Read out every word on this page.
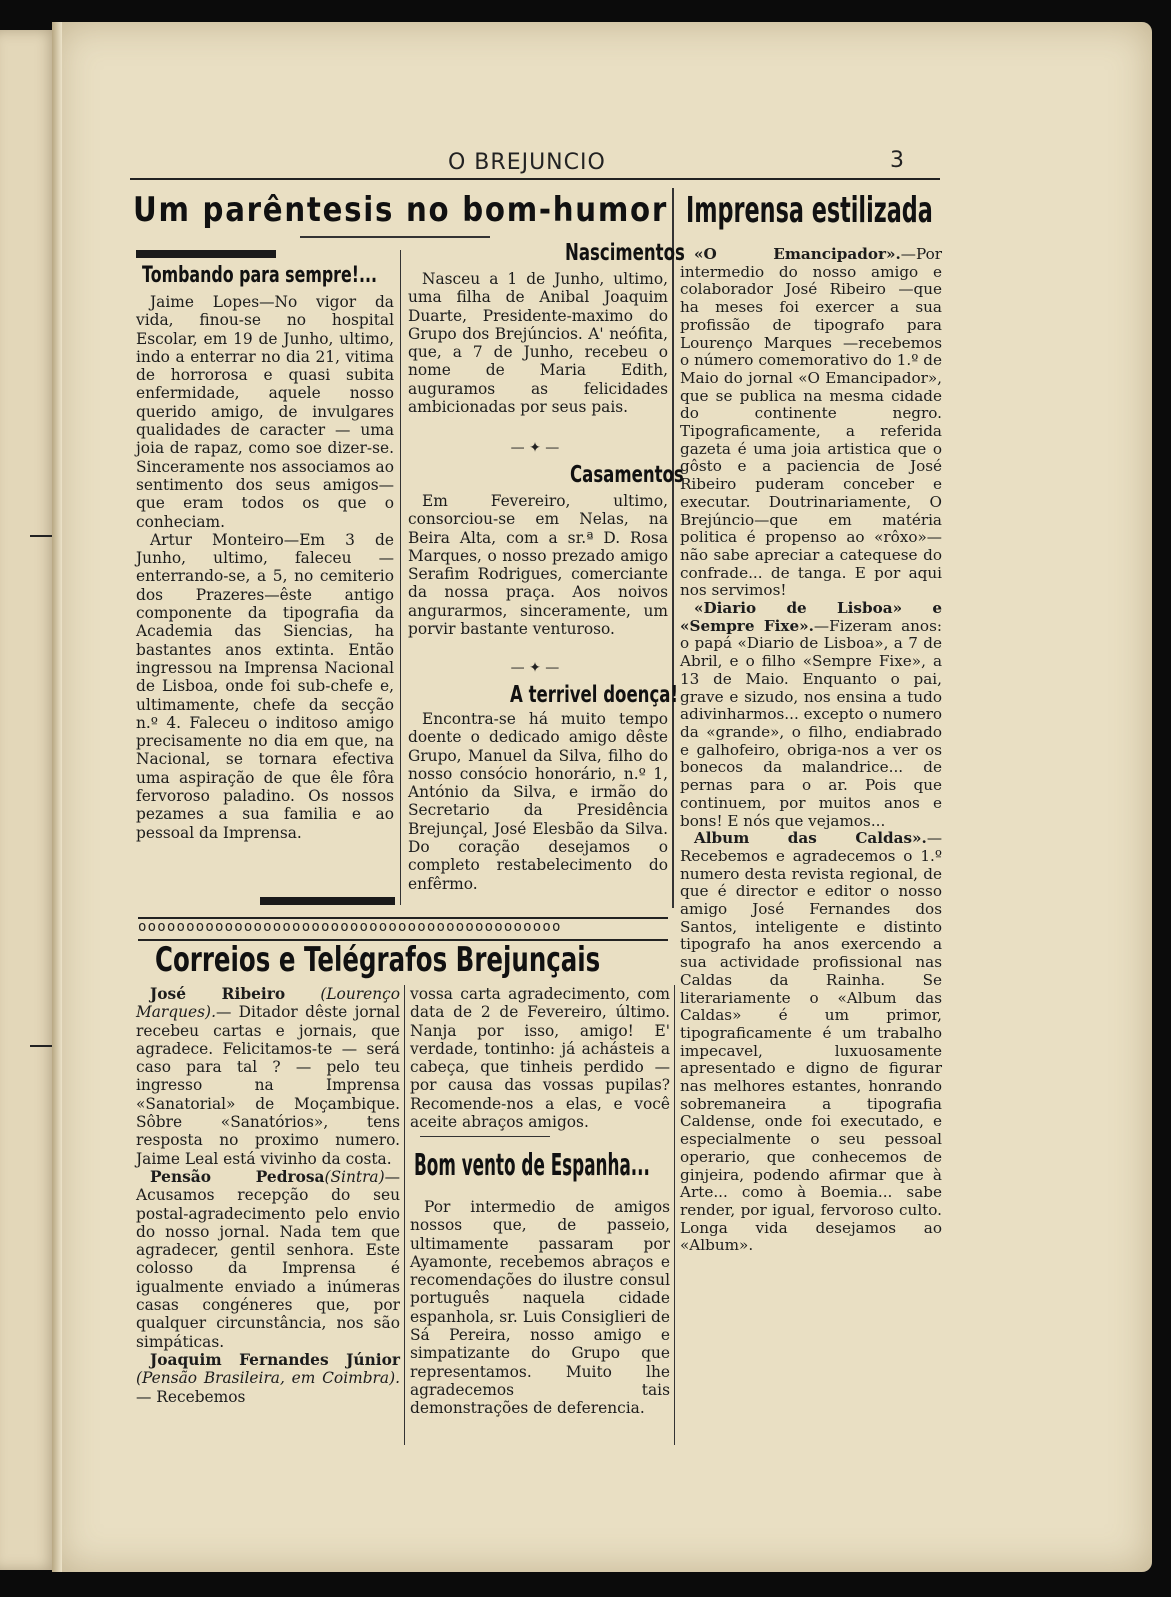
O BREJUNCIO	3
Um parêntesis no bom-humor Imprensa estilizada
Tombando para sempre!...

Jaime Lopes—No vigor da vida, finou-se no hospital Escolar, em 19 de Junho, ultimo, indo a enterrar no dia 21, vitima de horrorosa e quasi subita enfermidade, aquele nosso querido amigo, de invulgares qualidades de caracter — uma joia de rapaz, como soe dizer-se. Sinceramente nos associamos ao sentimento dos seus amigos—que eram todos os que o conheciam.

Artur Monteiro—Em 3 de Junho, ultimo, faleceu — enterrando-se, a 5, no cemiterio dos Prazeres—êste antigo componente da tipografia da Academia das Siencias, ha bastantes anos extinta. Então ingressou na Imprensa Nacional de Lisboa, onde foi sub-chefe e, ultimamente, chefe da secção n.º 4. Faleceu o inditoso amigo precisamente no dia em que, na Nacional, se tornara efectiva uma aspiração de que êle fôra fervoroso paladino. Os nossos pezames a sua familia e ao pessoal da Imprensa.

Nascimentos

Nasceu a 1 de Junho, ultimo, uma filha de Anibal Joaquim Duarte, Presidente-maximo do Grupo dos Brejúncios. A' neófita, que, a 7 de Junho, recebeu o nome de Maria Edith, auguramos as felicidades ambicionadas por seus pais.

— ✦ —
Casamentos

Em Fevereiro, ultimo, consorciou-se em Nelas, na Beira Alta, com a sr.ª D. Rosa Marques, o nosso prezado amigo Serafim Rodrigues, comerciante da nossa praça. Aos noivos angurarmos, sinceramente, um porvir bastante venturoso.

— ✦ —
A terrivel doença!

Encontra-se há muito tempo doente o dedicado amigo dêste Grupo, Manuel da Silva, filho do nosso consócio honorário, n.º 1, António da Silva, e irmão do Secretario da Presidência Brejunçal, José Elesbão da Silva. Do coração desejamos o completo restabelecimento do enfêrmo.

«O Emancipador».—Por intermedio do nosso amigo e colaborador José Ribeiro —que ha meses foi exercer a sua profissão de tipografo para Lourenço Marques —recebemos o número comemorativo do 1.º de Maio do jornal «O Emancipador», que se publica na mesma cidade do continente negro. Tipograficamente, a referida gazeta é uma joia artistica que o gôsto e a paciencia de José Ribeiro puderam conceber e executar. Doutrinariamente, O Brejúncio—que em matéria politica é propenso ao «rôxo»—não sabe apreciar a catequese do confrade... de tanga. E por aqui nos servimos!

«Diario de Lisboa» e «Sempre Fixe».—Fizeram anos: o papá «Diario de Lisboa», a 7 de Abril, e o filho «Sempre Fixe», a 13 de Maio. Enquanto o pai, grave e sizudo, nos ensina a tudo adivinharmos... excepto o numero da «grande», o filho, endiabrado e galhofeiro, obriga-nos a ver os bonecos da malandrice... de pernas para o ar. Pois que continuem, por muitos anos e bons! E nós que vejamos...

Album das Caldas».—Recebemos e agradecemos o 1.º numero desta revista regional, de que é director e editor o nosso amigo José Fernandes dos Santos, inteligente e distinto tipografo ha anos exercendo a sua actividade profissional nas Caldas da Rainha. Se literariamente o «Album das Caldas» é um primor, tipograficamente é um trabalho impecavel, luxuosamente apresentado e digno de figurar nas melhores estantes, honrando sobremaneira a tipografia Caldense, onde foi executado, e especialmente o seu pessoal operario, que conhecemos de ginjeira, podendo afirmar que à Arte... como à Boemia... sabe render, por igual, fervoroso culto. Longa vida desejamos ao «Album».

oooooooooooooooooooooooooooooooooooooooooooo
Correios e Telégrafos Brejunçais

José Ribeiro (Lourenço Marques).— Ditador dêste jornal recebeu cartas e jornais, que agradece. Felicitamos-te — será caso para tal ? — pelo teu ingresso na Imprensa «Sanatorial» de Moçambique. Sôbre «Sanatórios», tens resposta no proximo numero. Jaime Leal está vivinho da costa.

Pensão Pedrosa(Sintra)—Acusamos recepção do seu postal-agradecimento pelo envio do nosso jornal. Nada tem que agradecer, gentil senhora. Este colosso da Imprensa é igualmente enviado a inúmeras casas congéneres que, por qualquer circunstância, nos são simpáticas.

Joaquim Fernandes Júnior (Pensão Brasileira, em Coimbra). — Recebemos

vossa carta agradecimento, com data de 2 de Fevereiro, último. Nanja por isso, amigo! E' verdade, tontinho: já achásteis a cabeça, que tinheis perdido — por causa das vossas pupilas? Recomende-nos a elas, e você aceite abraços amigos.

Bom vento de Espanha...

Por intermedio de amigos nossos que, de passeio, ultimamente passaram por Ayamonte, recebemos abraços e recomendações do ilustre consul português naquela cidade espanhola, sr. Luis Consiglieri de Sá Pereira, nosso amigo e simpatizante do Grupo que representamos. Muito lhe agradecemos tais demonstrações de deferencia.
